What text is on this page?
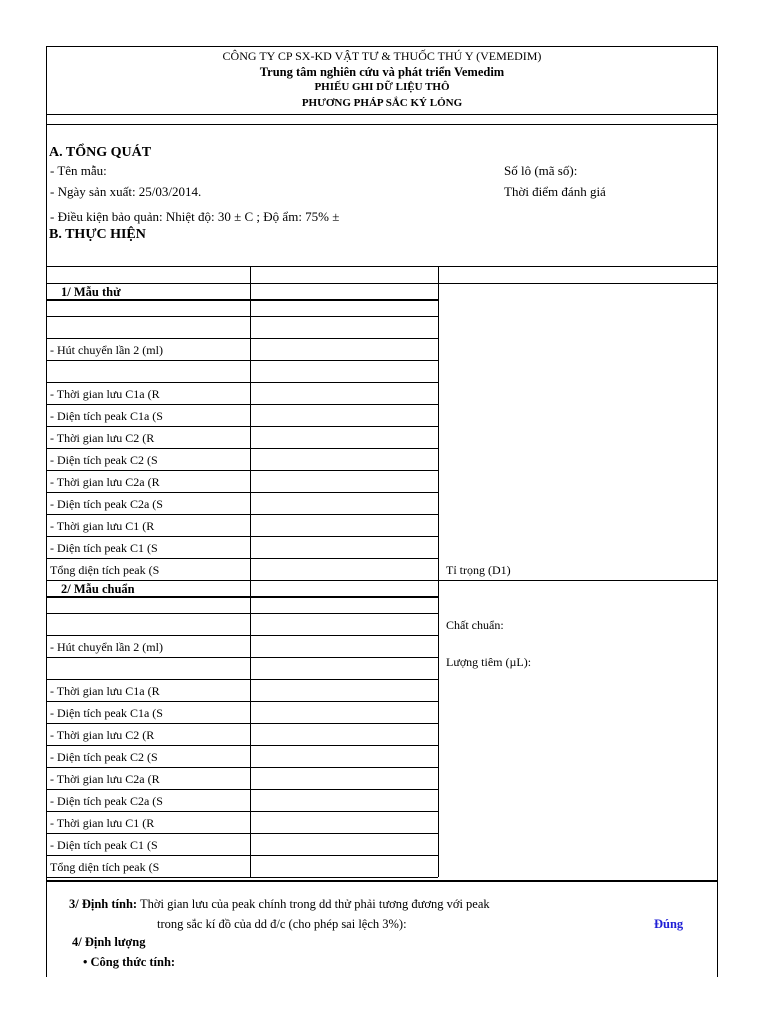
CÔNG TY CP SX-KD VẬT TƯ & THUỐC THÚ Y (VEMEDIM)
Trung tâm nghiên cứu và phát triển Vemedim
PHIẾU GHI DỮ LIỆU THÔ
PHƯƠNG PHÁP SẮC KÝ LỎNG
A. TỔNG QUÁT
- Tên mẫu:	Số lô (mã số):
- Ngày sản xuất: 25/03/2014.	Thời điểm đánh giá
- Điều kiện bảo quản: Nhiệt độ: 30 ± C ; Độ ẩm: 75% ±
B. THỰC HIỆN
1/ Mẫu thử
- Hút chuyển lần 2 (ml)
- Thời gian lưu C1a (R
- Diện tích peak C1a (S
- Thời gian lưu C2 (R
- Diện tích peak C2 (S
- Thời gian lưu C2a (R
- Diện tích peak C2a (S
- Thời gian lưu C1 (R
- Diện tích peak C1 (S
Tổng diện tích peak (S
2/ Mẫu chuẩn
- Hút chuyển lần 2 (ml)
- Thời gian lưu C1a (R
- Diện tích peak C1a (S
- Thời gian lưu C2 (R
- Diện tích peak C2 (S
- Thời gian lưu C2a (R
- Diện tích peak C2a (S
- Thời gian lưu C1 (R
- Diện tích peak C1 (S
Tổng diện tích peak (S
Tỉ trọng (D1)
Chất chuẩn:
Lượng tiêm (µL):
3/ Định tính: Thời gian lưu của peak chính trong dd thử phải tương đương với peak
trong sắc kí đồ của dd đ/c (cho phép sai lệch 3%):	Đúng
4/ Định lượng
• Công thức tính:
